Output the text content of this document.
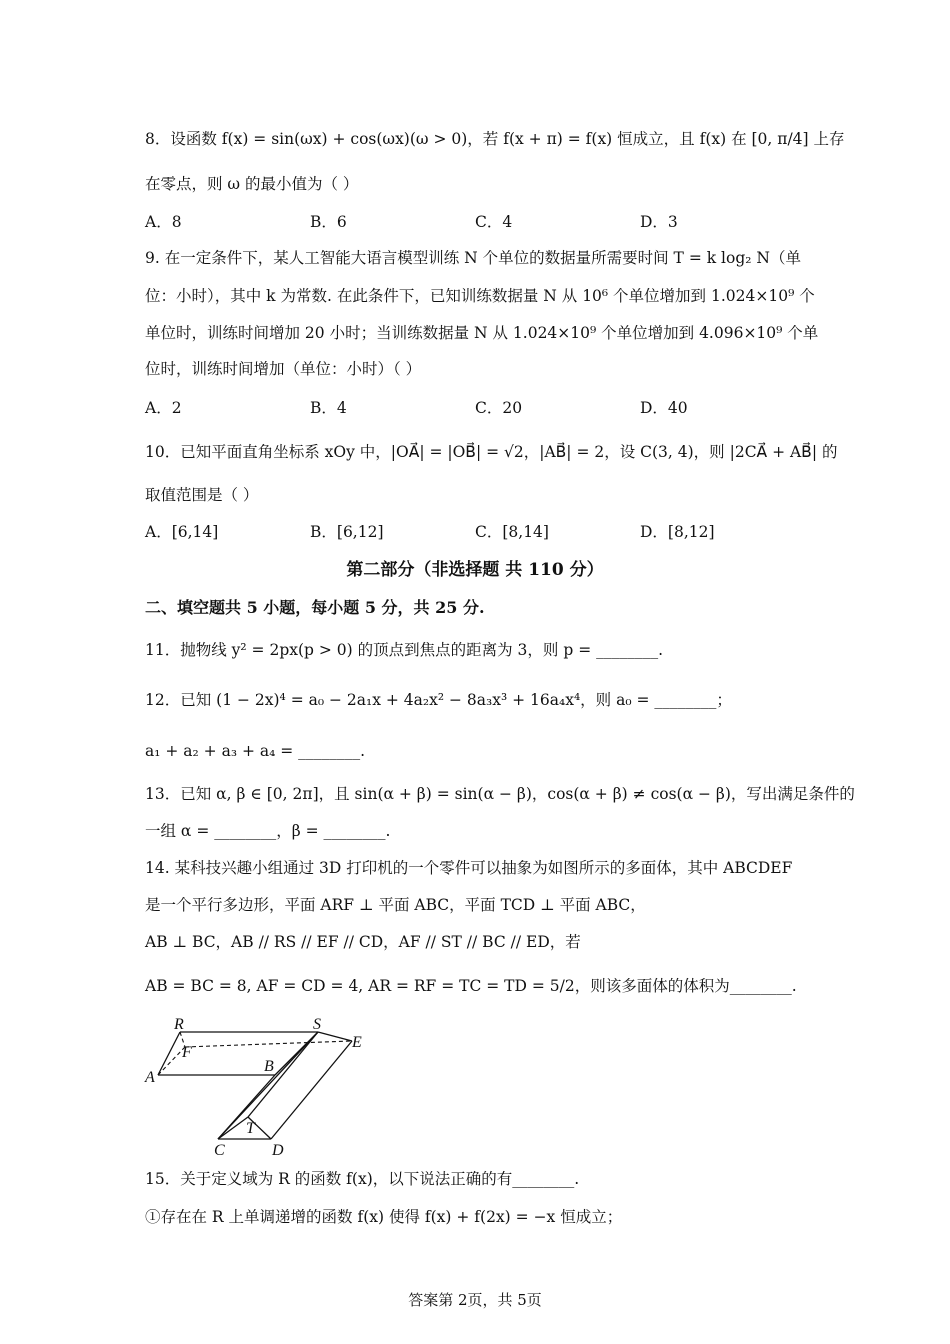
8．设函数 f(x) = sin(ωx) + cos(ωx)(ω > 0)，若 f(x + π) = f(x) 恒成立，且 f(x) 在 [0, π/4] 上存
在零点，则 ω 的最小值为（ ）
A．8	B．6	C．4	D．3
9. 在一定条件下，某人工智能大语言模型训练 N 个单位的数据量所需要时间 T = k log₂ N（单
位：小时），其中 k 为常数. 在此条件下，已知训练数据量 N 从 10⁶ 个单位增加到 1.024×10⁹ 个
单位时，训练时间增加 20 小时；当训练数据量 N 从 1.024×10⁹ 个单位增加到 4.096×10⁹ 个单
位时，训练时间增加（单位：小时）（ ）
A．2	B．4	C．20	D．40
10．已知平面直角坐标系 xOy 中，|OA⃗| = |OB⃗| = √2，|AB⃗| = 2，设 C(3, 4)，则 |2CA⃗ + AB⃗| 的
取值范围是（ ）
A．[6,14]	B．[6,12]	C．[8,14]	D．[8,12]
第二部分（非选择题 共 110 分）
二、填空题共 5 小题，每小题 5 分，共 25 分.
11．抛物线 y² = 2px(p > 0) 的顶点到焦点的距离为 3，则 p = ________.
12．已知 (1 − 2x)⁴ = a₀ − 2a₁x + 4a₂x² − 8a₃x³ + 16a₄x⁴，则 a₀ = ________；
a₁ + a₂ + a₃ + a₄ = ________.
13．已知 α, β ∈ [0, 2π]，且 sin(α + β) = sin(α − β)，cos(α + β) ≠ cos(α − β)，写出满足条件的
一组 α = ________，β = ________.
14. 某科技兴趣小组通过 3D 打印机的一个零件可以抽象为如图所示的多面体，其中 ABCDEF
是一个平行多边形，平面 ARF ⊥ 平面 ABC，平面 TCD ⊥ 平面 ABC，
AB ⊥ BC，AB // RS // EF // CD，AF // ST // BC // ED，若
AB = BC = 8, AF = CD = 4, AR = RF = TC = TD = 5/2，则该多面体的体积为________.
R	S
E
F
A
B
T
C	D
15．关于定义域为 R 的函数 f(x)，以下说法正确的有________.
①存在在 R 上单调递增的函数 f(x) 使得 f(x) + f(2x) = −x 恒成立；
答案第 2页，共 5页
